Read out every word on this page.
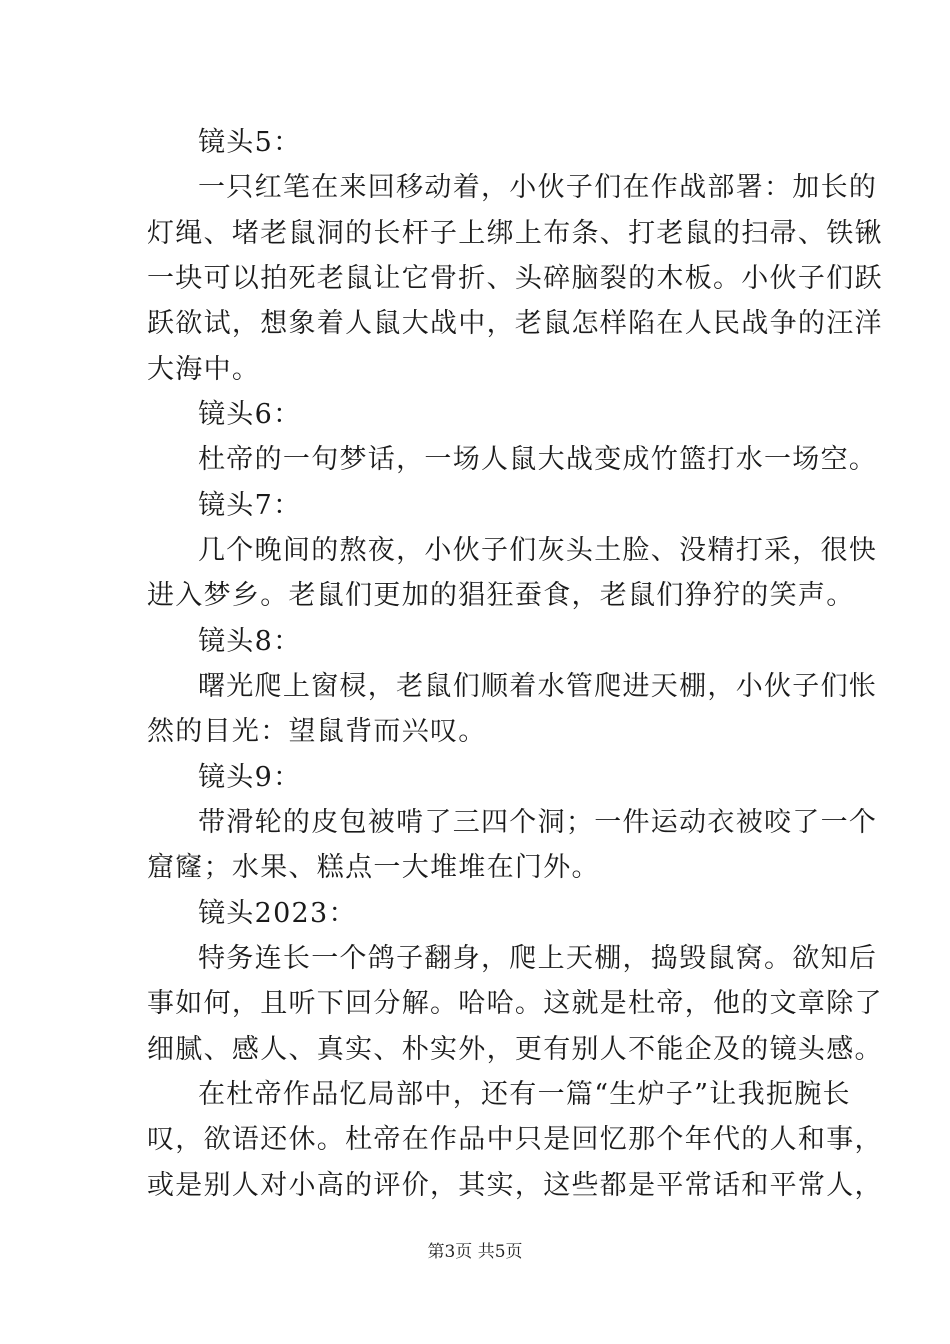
镜头5：
一只红笔在来回移动着，小伙子们在作战部署：加长的
灯绳、堵老鼠洞的长杆子上绑上布条、打老鼠的扫帚、铁锹
一块可以拍死老鼠让它骨折、头碎脑裂的木板。小伙子们跃
跃欲试，想象着人鼠大战中，老鼠怎样陷在人民战争的汪洋
大海中。
镜头6：
杜帝的一句梦话，一场人鼠大战变成竹篮打水一场空。
镜头7：
几个晚间的熬夜，小伙子们灰头土脸、没精打采，很快
进入梦乡。老鼠们更加的猖狂蚕食，老鼠们狰狞的笑声。
镜头8：
曙光爬上窗棂，老鼠们顺着水管爬进天棚，小伙子们怅
然的目光：望鼠背而兴叹。
镜头9：
带滑轮的皮包被啃了三四个洞；一件运动衣被咬了一个
窟窿；水果、糕点一大堆堆在门外。
镜头2023：
特务连长一个鸽子翻身，爬上天棚，捣毁鼠窝。欲知后
事如何，且听下回分解。哈哈。这就是杜帝，他的文章除了
细腻、感人、真实、朴实外，更有别人不能企及的镜头感。
在杜帝作品忆局部中，还有一篇“生炉子”让我扼腕长
叹，欲语还休。杜帝在作品中只是回忆那个年代的人和事，
或是别人对小高的评价，其实，这些都是平常话和平常人，
第3页 共5页
